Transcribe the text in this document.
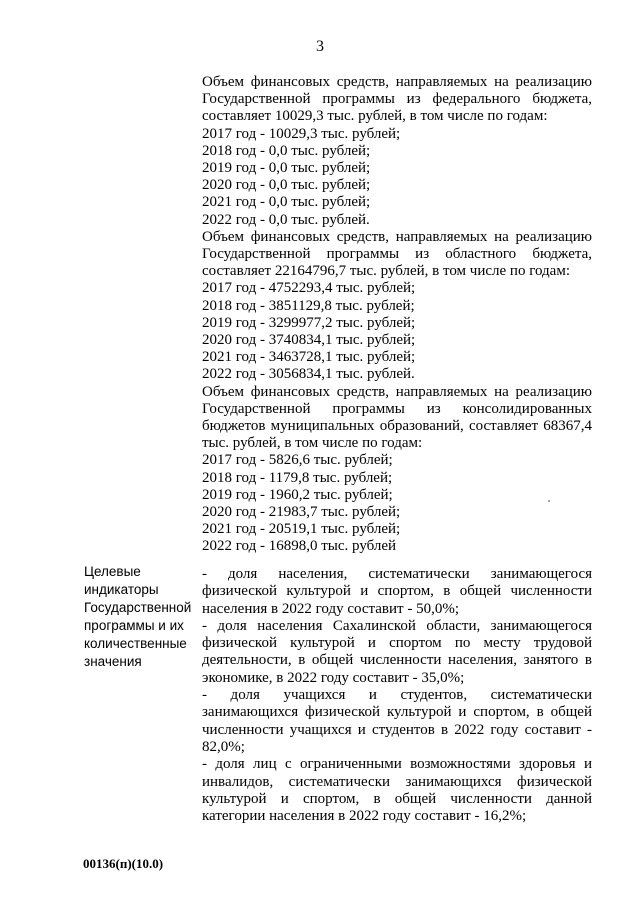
3
Объем финансовых средств, направляемых на реализацию Государственной программы из федерального бюджета, составляет 10029,3 тыс. рублей, в том числе по годам:
2017 год - 10029,3 тыс. рублей;
2018 год - 0,0 тыс. рублей;
2019 год - 0,0 тыс. рублей;
2020 год - 0,0 тыс. рублей;
2021 год - 0,0 тыс. рублей;
2022 год - 0,0 тыс. рублей.
Объем финансовых средств, направляемых на реализацию Государственной программы из областного бюджета, составляет 22164796,7 тыс. рублей, в том числе по годам:
2017 год - 4752293,4 тыс. рублей;
2018 год - 3851129,8 тыс. рублей;
2019 год - 3299977,2 тыс. рублей;
2020 год - 3740834,1 тыс. рублей;
2021 год - 3463728,1 тыс. рублей;
2022 год - 3056834,1 тыс. рублей.
Объем финансовых средств, направляемых на реализацию Государственной программы из консолидированных бюджетов муниципальных образований, составляет 68367,4 тыс. рублей, в том числе по годам:
2017 год - 5826,6 тыс. рублей;
2018 год - 1179,8 тыс. рублей;
2019 год - 1960,2 тыс. рублей;
2020 год - 21983,7 тыс. рублей;
2021 год - 20519,1 тыс. рублей;
2022 год - 16898,0 тыс. рублей
Целевые индикаторы Государственной программы и их количественные значения
- доля населения, систематически занимающегося физической культурой и спортом, в общей численности населения в 2022 году составит - 50,0%;
- доля населения Сахалинской области, занимающегося физической культурой и спортом по месту трудовой деятельности, в общей численности населения, занятого в экономике, в 2022 году составит - 35,0%;
- доля учащихся и студентов, систематически занимающихся физической культурой и спортом, в общей численности учащихся и студентов в 2022 году составит - 82,0%;
- доля лиц с ограниченными возможностями здоровья и инвалидов, систематически занимающихся физической культурой и спортом, в общей численности данной категории населения в 2022 году составит - 16,2%;
00136(п)(10.0)
